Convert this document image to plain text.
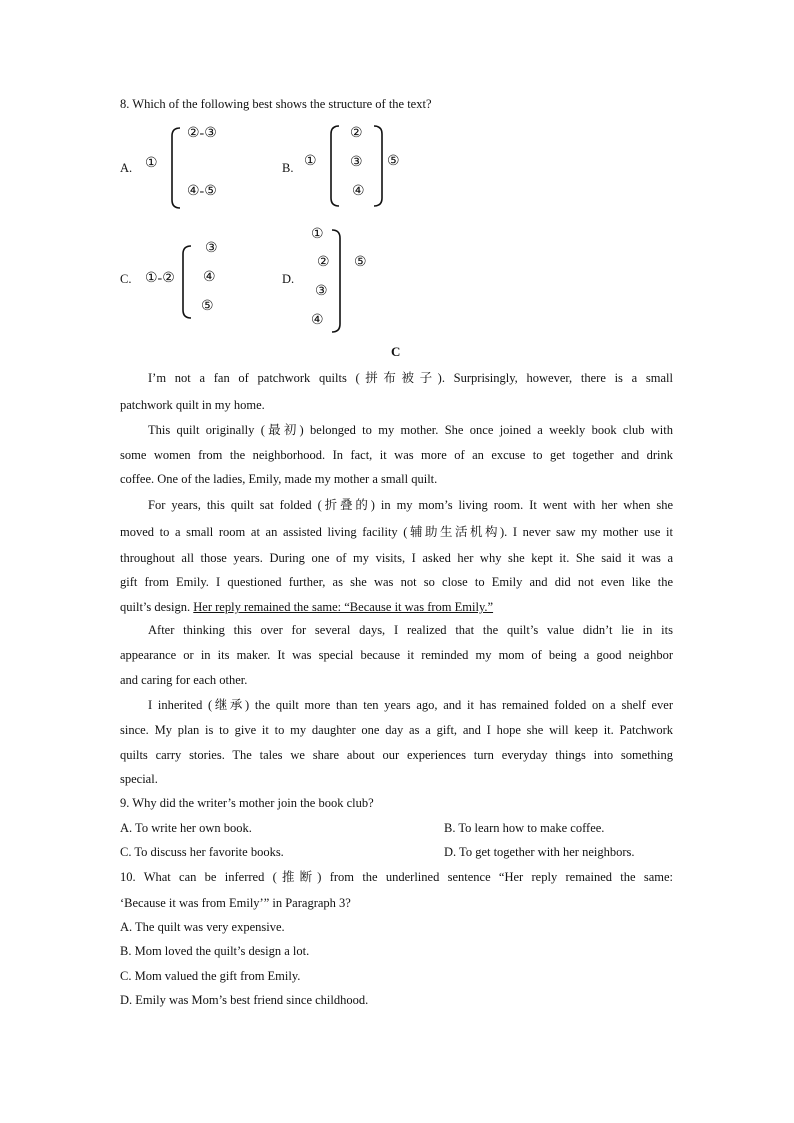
8. Which of the following best shows the structure of the text?
A. ①
②-③
④-⑤
B. ①
②
③
④
⑤
C. ①-②
③
④
⑤
D.
①
②
③
④
⑤
C
I’m not a fan of patchwork quilts (拼布被子). Surprisingly, however, there is a small
patchwork quilt in my home.
This quilt originally (最初) belonged to my mother. She once joined a weekly book club with
some women from the neighborhood. In fact, it was more of an excuse to get together and drink
coffee. One of the ladies, Emily, made my mother a small quilt.
For years, this quilt sat folded (折叠的) in my mom’s living room. It went with her when she
moved to a small room at an assisted living facility (辅助生活机构). I never saw my mother use it
throughout all those years. During one of my visits, I asked her why she kept it. She said it was a
gift from Emily. I questioned further, as she was not so close to Emily and did not even like the
quilt’s design. Her reply remained the same: “Because it was from Emily.”
After thinking this over for several days, I realized that the quilt’s value didn’t lie in its
appearance or in its maker. It was special because it reminded my mom of being a good neighbor
and caring for each other.
I inherited (继承) the quilt more than ten years ago, and it has remained folded on a shelf ever
since. My plan is to give it to my daughter one day as a gift, and I hope she will keep it. Patchwork
quilts carry stories. The tales we share about our experiences turn everyday things into something
special.
9. Why did the writer’s mother join the book club?
A. To write her own book.	B. To learn how to make coffee.
C. To discuss her favorite books.	D. To get together with her neighbors.
10. What can be inferred (推断) from the underlined sentence “Her reply remained the same:
‘Because it was from Emily’” in Paragraph 3?
A. The quilt was very expensive.
B. Mom loved the quilt’s design a lot.
C. Mom valued the gift from Emily.
D. Emily was Mom’s best friend since childhood.
